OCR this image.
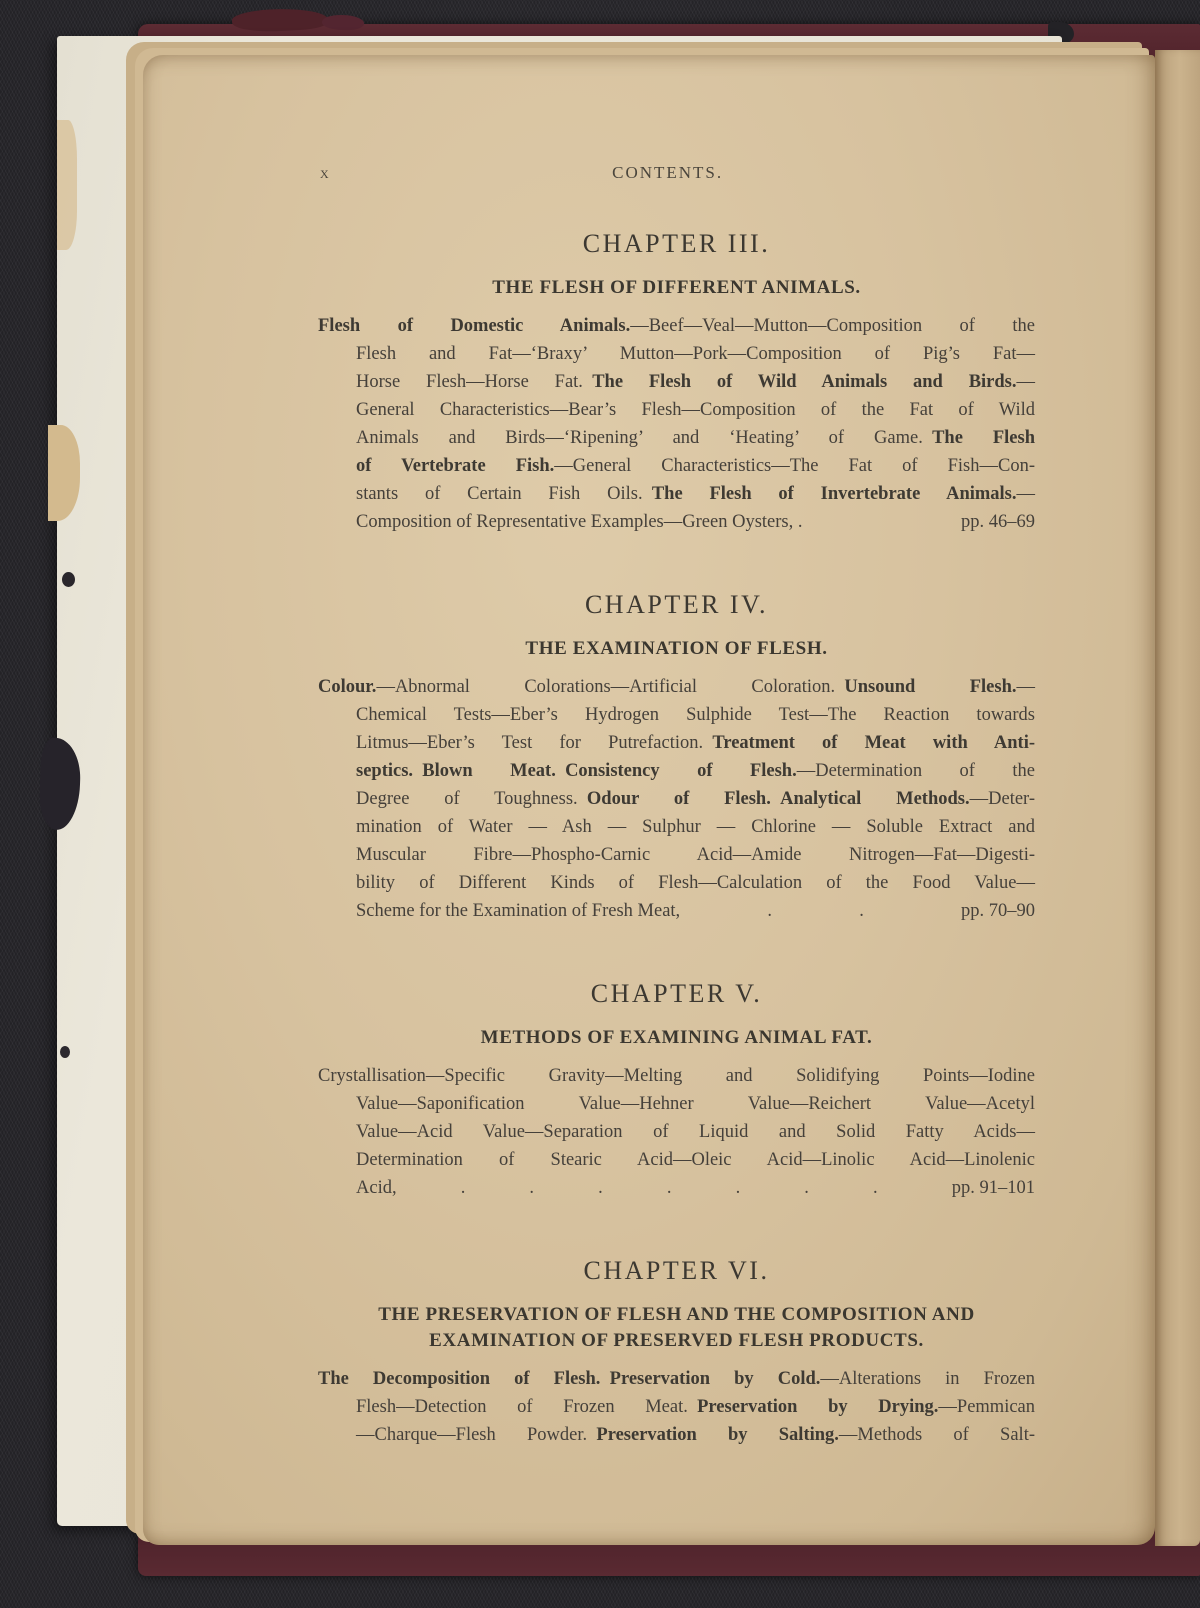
x	CONTENTS.
CHAPTER III.
THE FLESH OF DIFFERENT ANIMALS.
Flesh of Domestic Animals.—Beef—Veal—Mutton—Composition of the
Flesh and Fat—‘Braxy’ Mutton—Pork—Composition of Pig’s Fat—
Horse Flesh—Horse Fat. The Flesh of Wild Animals and Birds.—
General Characteristics—Bear’s Flesh—Composition of the Fat of Wild
Animals and Birds—‘Ripening’ and ‘Heating’ of Game. The Flesh
of Vertebrate Fish.—General Characteristics—The Fat of Fish—Con-
stants of Certain Fish Oils. The Flesh of Invertebrate Animals.—
Composition of Representative Examples—Green Oysters, .	pp. 46–69
CHAPTER IV.
THE EXAMINATION OF FLESH.
Colour.—Abnormal Colorations—Artificial Coloration. Unsound Flesh.—
Chemical Tests—Eber’s Hydrogen Sulphide Test—The Reaction towards
Litmus—Eber’s Test for Putrefaction. Treatment of Meat with Anti-
septics. Blown Meat. Consistency of Flesh.—Determination of the
Degree of Toughness. Odour of Flesh. Analytical Methods.—Deter-
mination of Water — Ash — Sulphur — Chlorine — Soluble Extract and
Muscular Fibre—Phospho-Carnic Acid—Amide Nitrogen—Fat—Digesti-
bility of Different Kinds of Flesh—Calculation of the Food Value—
Scheme for the Examination of Fresh Meat,	.	.	pp. 70–90
CHAPTER V.
METHODS OF EXAMINING ANIMAL FAT.
Crystallisation—Specific Gravity—Melting and Solidifying Points—Iodine
Value—Saponification Value—Hehner Value—Reichert Value—Acetyl
Value—Acid Value—Separation of Liquid and Solid Fatty Acids—
Determination of Stearic Acid—Oleic Acid—Linolic Acid—Linolenic
Acid,	.	.	.	.	.	.	.	pp. 91–101
CHAPTER VI.
THE PRESERVATION OF FLESH AND THE COMPOSITION AND
EXAMINATION OF PRESERVED FLESH PRODUCTS.
The Decomposition of Flesh. Preservation by Cold.—Alterations in Frozen
Flesh—Detection of Frozen Meat. Preservation by Drying.—Pemmican
—Charque—Flesh Powder. Preservation by Salting.—Methods of Salt-
